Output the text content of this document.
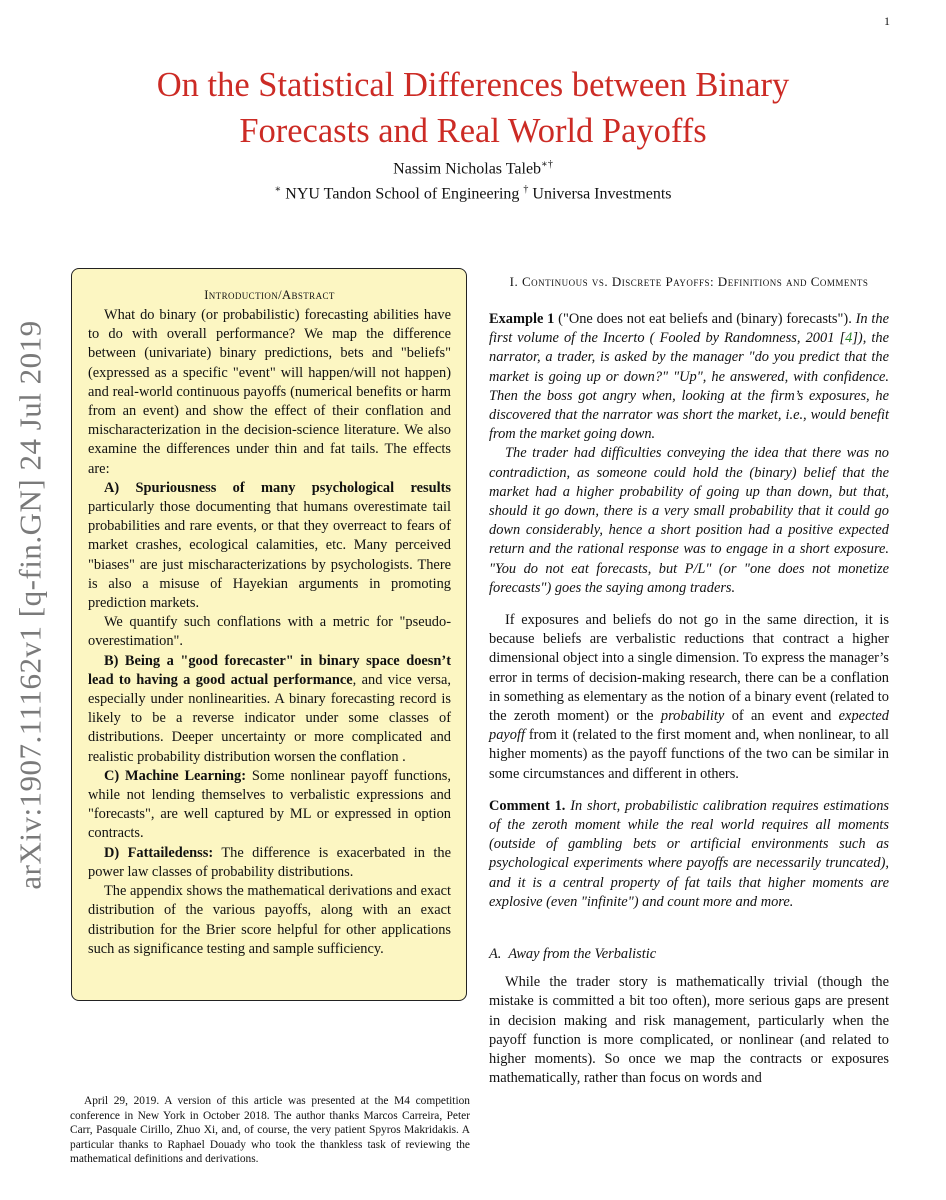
1
arXiv:1907.11162v1 [q-fin.GN] 24 Jul 2019
On the Statistical Differences between Binary
Forecasts and Real World Payoffs
Nassim Nicholas Taleb∗†
∗ NYU Tandon School of Engineering † Universa Investments
Introduction/Abstract

What do binary (or probabilistic) forecasting abilities have to do with overall performance? We map the difference between (univariate) binary predictions, bets and "beliefs" (expressed as a specific "event" will happen/will not happen) and real-world continuous payoffs (numerical benefits or harm from an event) and show the effect of their conflation and mischaracterization in the decision-science literature. We also examine the differences under thin and fat tails. The effects are:

A) Spuriousness of many psychological results particularly those documenting that humans overestimate tail probabilities and rare events, or that they overreact to fears of market crashes, ecological calamities, etc. Many perceived "biases" are just mischaracterizations by psychologists. There is also a misuse of Hayekian arguments in promoting prediction markets.

We quantify such conflations with a metric for "pseudo-overestimation".

B) Being a "good forecaster" in binary space doesn’t lead to having a good actual performance, and vice versa, especially under nonlinearities. A binary forecasting record is likely to be a reverse indicator under some classes of distributions. Deeper uncertainty or more complicated and realistic probability distribution worsen the conflation .

C) Machine Learning: Some nonlinear payoff functions, while not lending themselves to verbalistic expressions and "forecasts", are well captured by ML or expressed in option contracts.

D) Fattailedenss: The difference is exacerbated in the power law classes of probability distributions.

The appendix shows the mathematical derivations and exact distribution of the various payoffs, along with an exact distribution for the Brier score helpful for other applications such as significance testing and sample sufficiency.

April 29, 2019. A version of this article was presented at the M4 competition conference in New York in October 2018. The author thanks Marcos Carreira, Peter Carr, Pasquale Cirillo, Zhuo Xi, and, of course, the very patient Spyros Makridakis. A particular thanks to Raphael Douady who took the thankless task of reviewing the mathematical definitions and derivations.
I. Continuous vs. Discrete Payoffs: Definitions and Comments

Example 1 ("One does not eat beliefs and (binary) forecasts"). In the first volume of the Incerto ( Fooled by Randomness, 2001 [4]), the narrator, a trader, is asked by the manager "do you predict that the market is going up or down?" "Up", he answered, with confidence. Then the boss got angry when, looking at the firm’s exposures, he discovered that the narrator was short the market, i.e., would benefit from the market going down.

The trader had difficulties conveying the idea that there was no contradiction, as someone could hold the (binary) belief that the market had a higher probability of going up than down, but that, should it go down, there is a very small probability that it could go down considerably, hence a short position had a positive expected return and the rational response was to engage in a short exposure. "You do not eat forecasts, but P/L" (or "one does not monetize forecasts") goes the saying among traders.

If exposures and beliefs do not go in the same direction, it is because beliefs are verbalistic reductions that contract a higher dimensional object into a single dimension. To express the manager’s error in terms of decision-making research, there can be a conflation in something as elementary as the notion of a binary event (related to the zeroth moment) or the probability of an event and expected payoff from it (related to the first moment and, when nonlinear, to all higher moments) as the payoff functions of the two can be similar in some circumstances and different in others.

Comment 1. In short, probabilistic calibration requires estimations of the zeroth moment while the real world requires all moments (outside of gambling bets or artificial environments such as psychological experiments where payoffs are necessarily truncated), and it is a central property of fat tails that higher moments are explosive (even "infinite") and count more and more.

A. Away from the Verbalistic

While the trader story is mathematically trivial (though the mistake is committed a bit too often), more serious gaps are present in decision making and risk management, particularly when the payoff function is more complicated, or nonlinear (and related to higher moments). So once we map the contracts or exposures mathematically, rather than focus on words and
